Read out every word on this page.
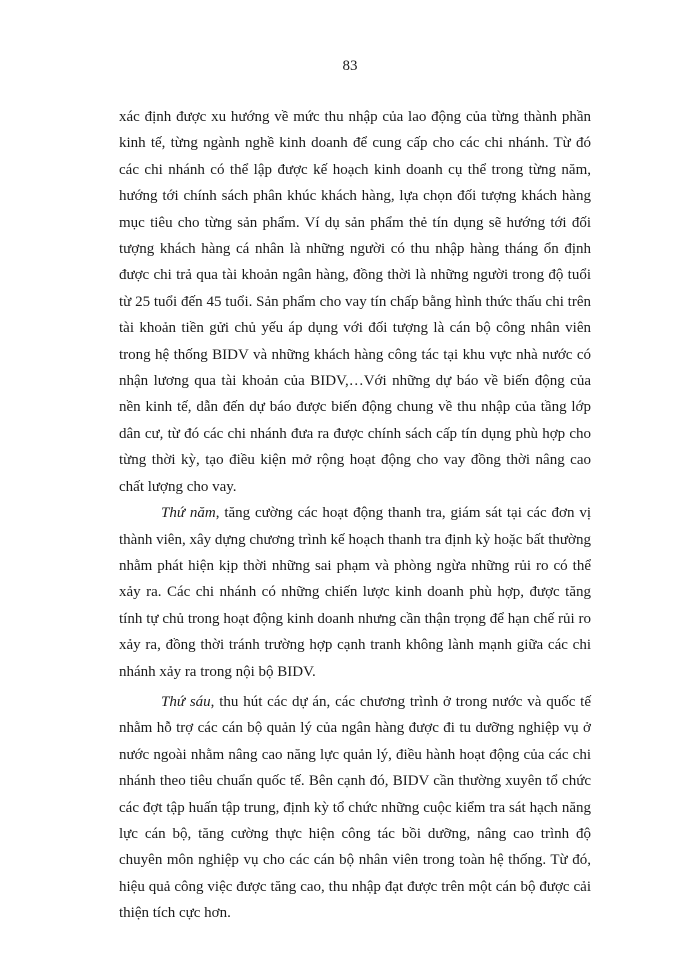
83

xác định được xu hướng về mức thu nhập của lao động của từng thành phần kinh tế, từng ngành nghề kinh doanh để cung cấp cho các chi nhánh. Từ đó các chi nhánh có thể lập được kế hoạch kinh doanh cụ thể trong từng năm, hướng tới chính sách phân khúc khách hàng, lựa chọn đối tượng khách hàng mục tiêu cho từng sản phẩm. Ví dụ sản phẩm thẻ tín dụng sẽ hướng tới đối tượng khách hàng cá nhân là những người có thu nhập hàng tháng ổn định được chi trả qua tài khoản ngân hàng, đồng thời là những người trong độ tuổi từ 25 tuổi đến 45 tuổi. Sản phẩm cho vay tín chấp bằng hình thức thấu chi trên tài khoản tiền gửi chủ yếu áp dụng với đối tượng là cán bộ công nhân viên trong hệ thống BIDV và những khách hàng công tác tại khu vực nhà nước có nhận lương qua tài khoản của BIDV,…Với những dự báo về biến động của nền kinh tế, dẫn đến dự báo được biến động chung về thu nhập của tầng lớp dân cư, từ đó các chi nhánh đưa ra được chính sách cấp tín dụng phù hợp cho từng thời kỳ, tạo điều kiện mở rộng hoạt động cho vay đồng thời nâng cao chất lượng cho vay.

Thứ năm, tăng cường các hoạt động thanh tra, giám sát tại các đơn vị thành viên, xây dựng chương trình kế hoạch thanh tra định kỳ hoặc bất thường nhằm phát hiện kịp thời những sai phạm và phòng ngừa những rủi ro có thể xảy ra. Các chi nhánh có những chiến lược kinh doanh phù hợp, được tăng tính tự chủ trong hoạt động kinh doanh nhưng cần thận trọng để hạn chế rủi ro xảy ra, đồng thời tránh trường hợp cạnh tranh không lành mạnh giữa các chi nhánh xảy ra trong nội bộ BIDV.

Thứ sáu, thu hút các dự án, các chương trình ở trong nước và quốc tế nhằm hỗ trợ các cán bộ quản lý của ngân hàng được đi tu dưỡng nghiệp vụ ở nước ngoài nhằm nâng cao năng lực quản lý, điều hành hoạt động của các chi nhánh theo tiêu chuẩn quốc tế. Bên cạnh đó, BIDV cần thường xuyên tổ chức các đợt tập huấn tập trung, định kỳ tổ chức những cuộc kiểm tra sát hạch năng lực cán bộ, tăng cường thực hiện công tác bồi dưỡng, nâng cao trình độ chuyên môn nghiệp vụ cho các cán bộ nhân viên trong toàn hệ thống. Từ đó, hiệu quả công việc được tăng cao, thu nhập đạt được trên một cán bộ được cải thiện tích cực hơn.
